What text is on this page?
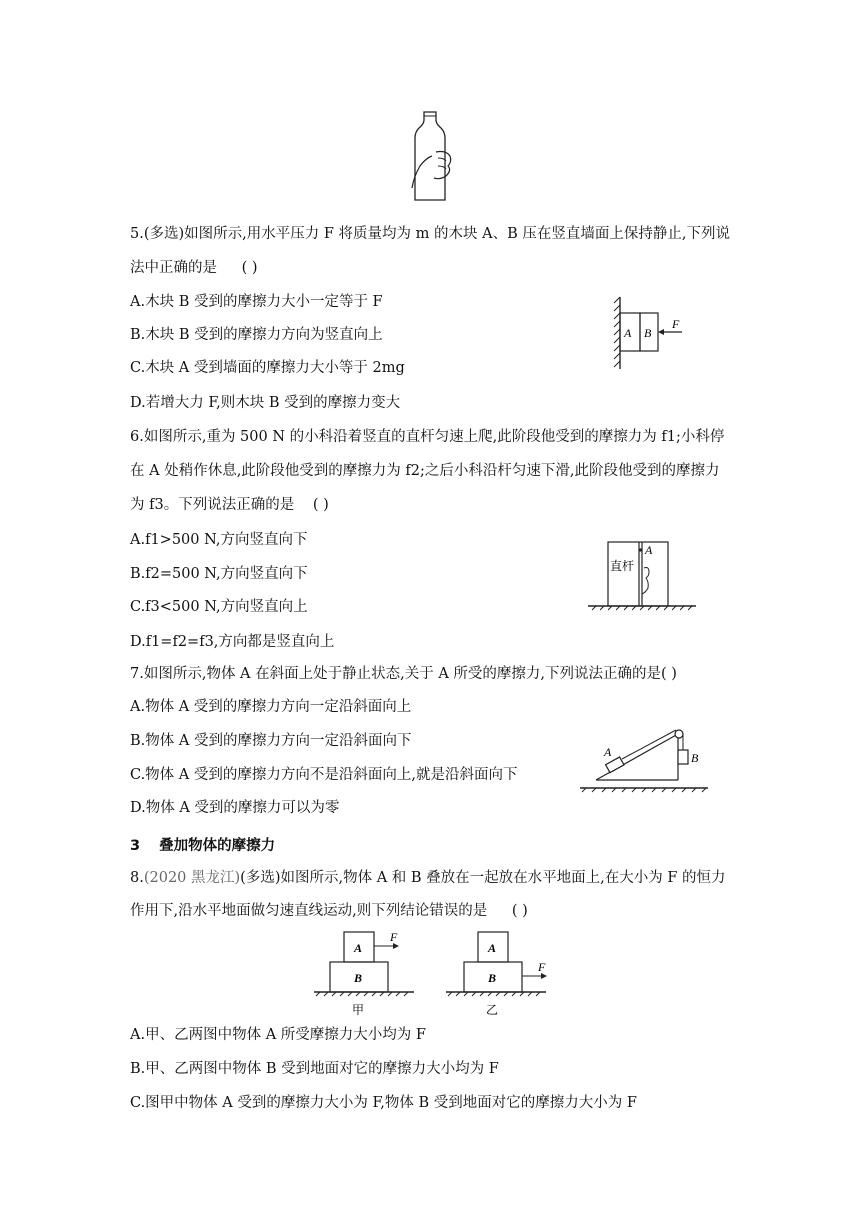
5.(多选)如图所示,用水平压力 F 将质量均为 m 的木块 A、B 压在竖直墙面上保持静止,下列说
法中正确的是 ( )
A.木块 B 受到的摩擦力大小一定等于 F
B.木块 B 受到的摩擦力方向为竖直向上
C.木块 A 受到墙面的摩擦力大小等于 2mg
D.若增大力 F,则木块 B 受到的摩擦力变大
A B
F
6.如图所示,重为 500 N 的小科沿着竖直的直杆匀速上爬,此阶段他受到的摩擦力为 f1;小科停
在 A 处稍作休息,此阶段他受到的摩擦力为 f2;之后小科沿杆匀速下滑,此阶段他受到的摩擦力
为 f3。下列说法正确的是 ( )
A.f1>500 N,方向竖直向下
B.f2=500 N,方向竖直向下
C.f3<500 N,方向竖直向上
D.f1=f2=f3,方向都是竖直向上
直杆
A
7.如图所示,物体 A 在斜面上处于静止状态,关于 A 所受的摩擦力,下列说法正确的是( )
A.物体 A 受到的摩擦力方向一定沿斜面向上
B.物体 A 受到的摩擦力方向一定沿斜面向下
C.物体 A 受到的摩擦力方向不是沿斜面向上,就是沿斜面向下
D.物体 A 受到的摩擦力可以为零
A	B
3 叠加物体的摩擦力
8.(2020 黑龙江)(多选)如图所示,物体 A 和 B 叠放在一起放在水平地面上,在大小为 F 的恒力
作用下,沿水平地面做匀速直线运动,则下列结论错误的是 ( )
A
B
F
甲
A
B
F
乙
A.甲、乙两图中物体 A 所受摩擦力大小均为 F
B.甲、乙两图中物体 B 受到地面对它的摩擦力大小均为 F
C.图甲中物体 A 受到的摩擦力大小为 F,物体 B 受到地面对它的摩擦力大小为 F
